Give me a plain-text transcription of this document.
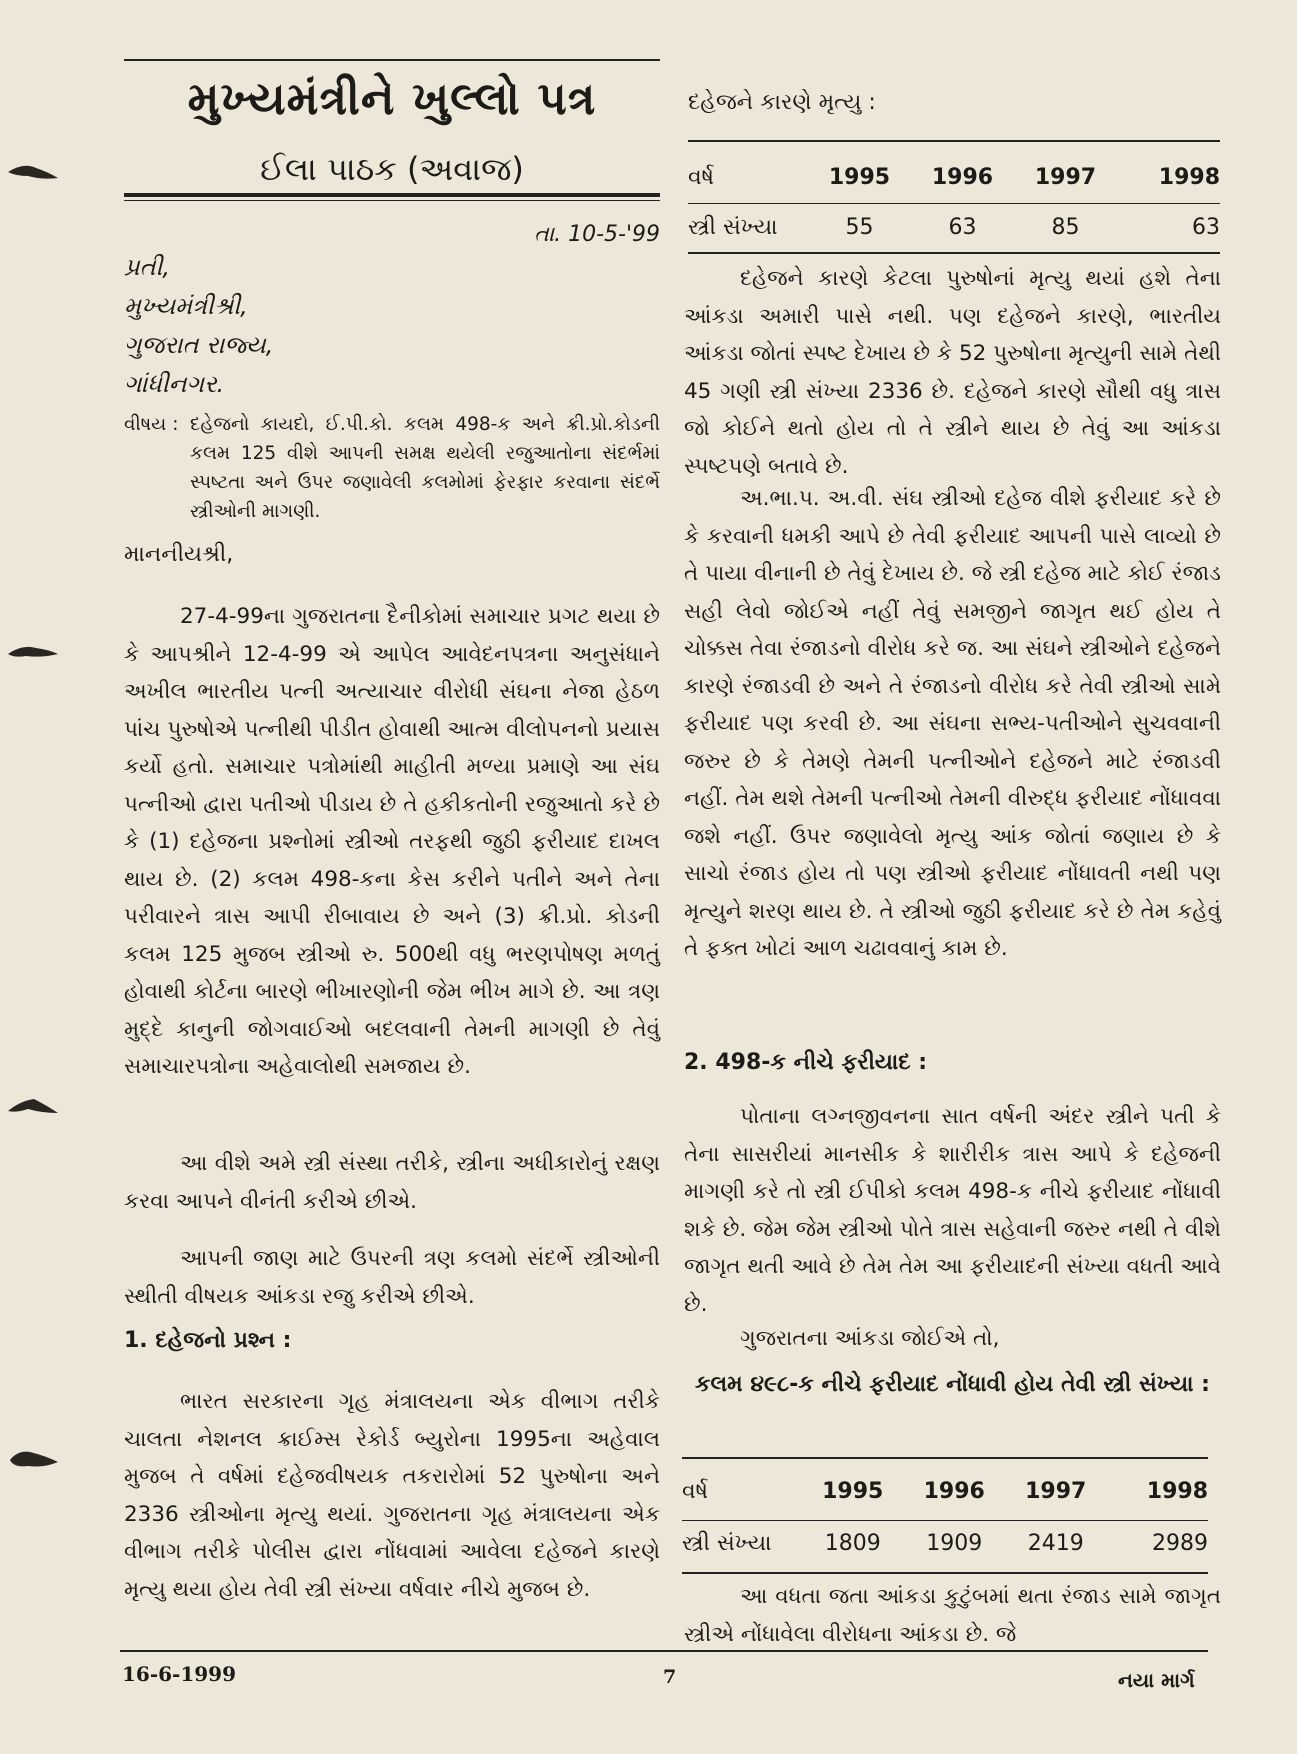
મુખ્યમંત્રીને ખુલ્લો પત્ર
ઈલા પાઠક (અવાજ)
તા. 10-5-'99
પ્રતી,
મુખ્યમંત્રીશ્રી,
ગુજરાત રાજ્ય,
ગાંધીનગર.
વીષય : દહેજનો કાયદો, ઈ.પી.કો. કલમ 498-ક અને ક્રી.પ્રો.કોડની કલમ 125 વીશે આપની સમક્ષ થયેલી રજુઆતોના સંદર્ભમાં સ્પષ્ટતા અને ઉપર જણાવેલી કલમોમાં ફેરફાર કરવાના સંદર્ભે સ્ત્રીઓની માગણી.
માનનીયશ્રી,

27-4-99ના ગુજરાતના દૈનીકોમાં સમાચાર પ્રગટ થયા છે કે આપશ્રીને 12-4-99 એ આપેલ આવેદનપત્રના અનુસંધાને અખીલ ભારતીય પત્ની અત્યાચાર વીરોધી સંઘના નેજા હેઠળ પાંચ પુરુષોએ પત્નીથી પીડીત હોવાથી આત્મ વીલોપનનો પ્રયાસ કર્યો હતો. સમાચાર પત્રોમાંથી માહીતી મળ્યા પ્રમાણે આ સંઘ પત્નીઓ દ્વારા પતીઓ પીડાય છે તે હકીકતોની રજુઆતો કરે છે કે (1) દહેજના પ્રશ્નોમાં સ્ત્રીઓ તરફથી જુઠી ફરીયાદ દાખલ થાય છે. (2) કલમ 498-કના કેસ કરીને પતીને અને તેના પરીવારને ત્રાસ આપી રીબાવાય છે અને (3) ક્રી.પ્રો. કોડની કલમ 125 મુજબ સ્ત્રીઓ રુ. 500થી વધુ ભરણપોષણ મળતું હોવાથી કોર્ટના બારણે ભીખારણોની જેમ ભીખ માગે છે. આ ત્રણ મુદ્દે કાનુની જોગવાઈઓ બદલવાની તેમની માગણી છે તેવું સમાચારપત્રોના અહેવાલોથી સમજાય છે.

આ વીશે અમે સ્ત્રી સંસ્થા તરીકે, સ્ત્રીના અધીકારોનું રક્ષણ કરવા આપને વીનંતી કરીએ છીએ.

આપની જાણ માટે ઉપરની ત્રણ કલમો સંદર્ભે સ્ત્રીઓની સ્થીતી વીષયક આંકડા રજુ કરીએ છીએ.

1. દહેજનો પ્રશ્ન :

ભારત સરકારના ગૃહ મંત્રાલયના એક વીભાગ તરીકે ચાલતા નેશનલ ક્રાઈમ્સ રેકોર્ડ બ્યુરોના 1995ના અહેવાલ મુજબ તે વર્ષમાં દહેજવીષયક તકરારોમાં 52 પુરુષોના અને 2336 સ્ત્રીઓના મૃત્યુ થયાં. ગુજરાતના ગૃહ મંત્રાલયના એક વીભાગ તરીકે પોલીસ દ્વારા નોંધવામાં આવેલા દહેજને કારણે મૃત્યુ થયા હોય તેવી સ્ત્રી સંખ્યા વર્ષવાર નીચે મુજબ છે.

દહેજને કારણે મૃત્યુ :
વર્ષ	1995	1996	1997	1998
સ્ત્રી સંખ્યા	55	63	85	63

દહેજને કારણે કેટલા પુરુષોનાં મૃત્યુ થયાં હશે તેના આંકડા અમારી પાસે નથી. પણ દહેજને કારણે, ભારતીય આંકડા જોતાં સ્પષ્ટ દેખાય છે કે 52 પુરુષોના મૃત્યુની સામે તેથી 45 ગણી સ્ત્રી સંખ્યા 2336 છે. દહેજને કારણે સૌથી વધુ ત્રાસ જો કોઈને થતો હોય તો તે સ્ત્રીને થાય છે તેવું આ આંકડા સ્પષ્ટપણે બતાવે છે.

અ.ભા.પ. અ.વી. સંઘ સ્ત્રીઓ દહેજ વીશે ફરીયાદ કરે છે કે કરવાની ધમકી આપે છે તેવી ફરીયાદ આપની પાસે લાવ્યો છે તે પાયા વીનાની છે તેવું દેખાય છે. જે સ્ત્રી દહેજ માટે કોઈ રંજાડ સહી લેવો જોઈએ નહીં તેવું સમજીને જાગૃત થઈ હોય તે ચોક્કસ તેવા રંજાડનો વીરોધ કરે જ. આ સંઘને સ્ત્રીઓને દહેજને કારણે રંજાડવી છે અને તે રંજાડનો વીરોધ કરે તેવી સ્ત્રીઓ સામે ફરીયાદ પણ કરવી છે. આ સંઘના સભ્ય-પતીઓને સુચવવાની જરુર છે કે તેમણે તેમની પત્નીઓને દહેજને માટે રંજાડવી નહીં. તેમ થશે તેમની પત્નીઓ તેમની વીરુદ્ધ ફરીયાદ નોંધાવવા જશે નહીં. ઉપર જણાવેલો મૃત્યુ આંક જોતાં જણાય છે કે સાચો રંજાડ હોય તો પણ સ્ત્રીઓ ફરીયાદ નોંધાવતી નથી પણ મૃત્યુને શરણ થાય છે. તે સ્ત્રીઓ જુઠી ફરીયાદ કરે છે તેમ કહેવું તે ફક્ત ખોટાં આળ ચઢાવવાનું કામ છે.

2. 498-ક નીચે ફરીયાદ :

પોતાના લગ્નજીવનના સાત વર્ષની અંદર સ્ત્રીને પતી કે તેના સાસરીયાં માનસીક કે શારીરીક ત્રાસ આપે કે દહેજની માગણી કરે તો સ્ત્રી ઈપીકો કલમ 498-ક નીચે ફરીયાદ નોંધાવી શકે છે. જેમ જેમ સ્ત્રીઓ પોતે ત્રાસ સહેવાની જરુર નથી તે વીશે જાગૃત થતી આવે છે તેમ તેમ આ ફરીયાદની સંખ્યા વધતી આવે છે.

ગુજરાતના આંકડા જોઈએ તો,

કલમ ૪૯૮-ક નીચે ફરીયાદ નોંધાવી હોય તેવી સ્ત્રી સંખ્યા :
વર્ષ	1995	1996	1997	1998
સ્ત્રી સંખ્યા	1809	1909	2419	2989

આ વધતા જતા આંકડા કુટુંબમાં થતા રંજાડ સામે જાગૃત સ્ત્રીએ નોંધાવેલા વીરોધના આંકડા છે. જે

16-6-1999	7	નયા માર્ગ
